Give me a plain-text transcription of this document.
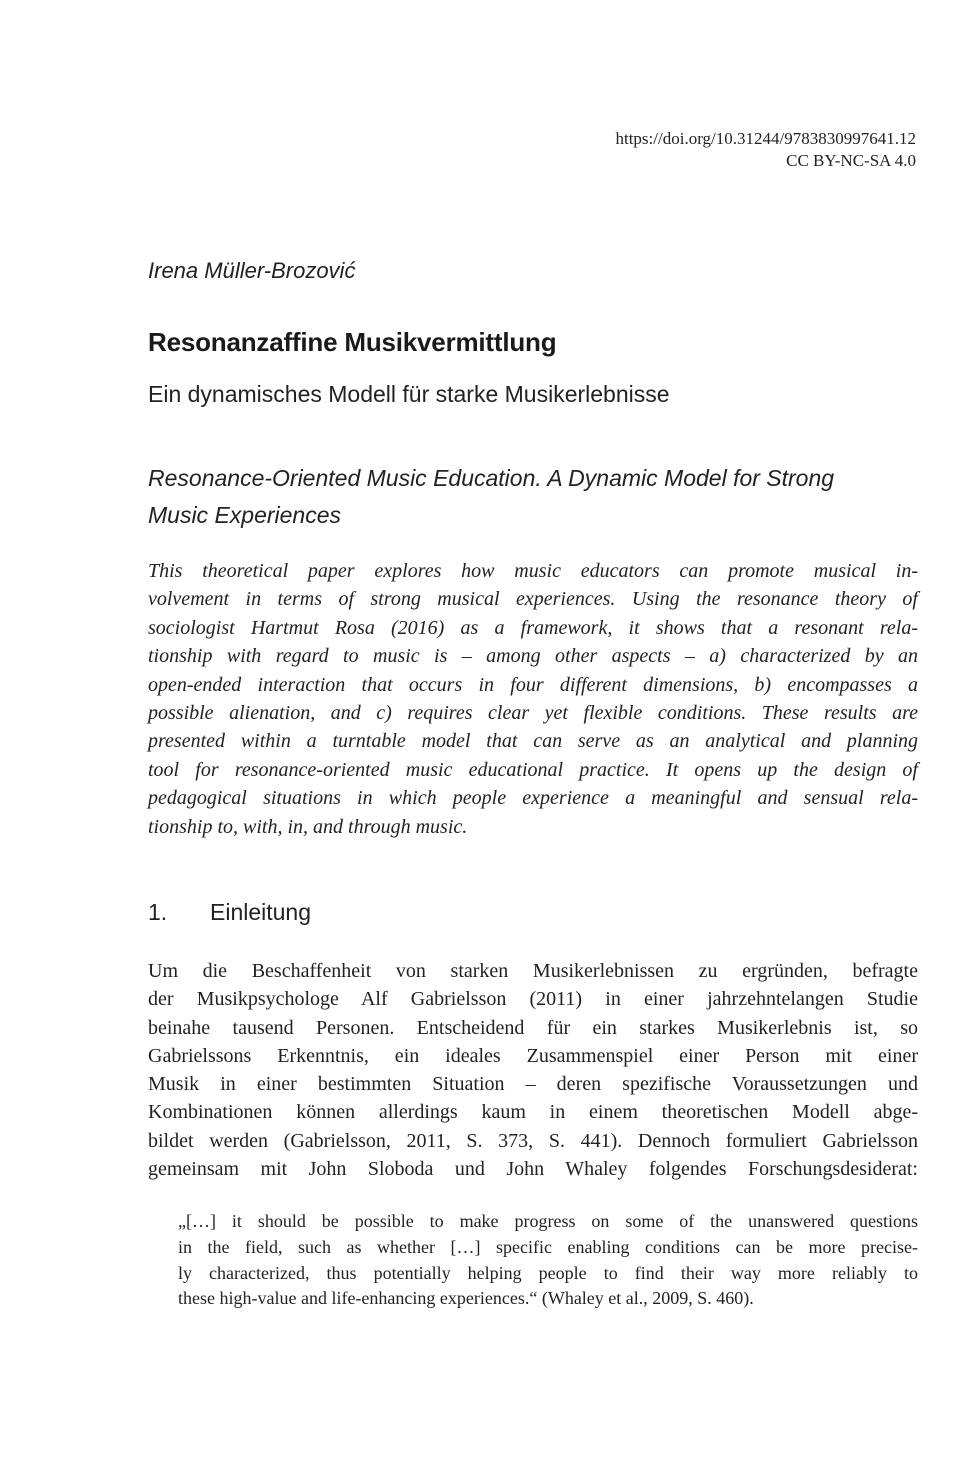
https://doi.org/10.31244/9783830997641.12
CC BY-NC-SA 4.0
Irena Müller-Brozović
Resonanzaffine Musikvermittlung
Ein dynamisches Modell für starke Musikerlebnisse
Resonance-Oriented Music Education. A Dynamic Model for Strong
Music Experiences
This theoretical paper explores how music educators can promote musical in-
volvement in terms of strong musical experiences. Using the resonance theory of
sociologist Hartmut Rosa (2016) as a framework, it shows that a resonant rela-
tionship with regard to music is – among other aspects – a) characterized by an
open-ended interaction that occurs in four different dimensions, b) encompasses a
possible alienation, and c) requires clear yet flexible conditions. These results are
presented within a turntable model that can serve as an analytical and planning
tool for resonance-oriented music educational practice. It opens up the design of
pedagogical situations in which people experience a meaningful and sensual rela-
tionship to, with, in, and through music.
1. Einleitung
Um die Beschaffenheit von starken Musikerlebnissen zu ergründen, befragte
der Musikpsychologe Alf Gabrielsson (2011) in einer jahrzehntelangen Studie
beinahe tausend Personen. Entscheidend für ein starkes Musikerlebnis ist, so
Gabrielssons Erkenntnis, ein ideales Zusammenspiel einer Person mit einer
Musik in einer bestimmten Situation – deren spezifische Voraussetzungen und
Kombinationen können allerdings kaum in einem theoretischen Modell abge-
bildet werden (Gabrielsson, 2011, S. 373, S. 441). Dennoch formuliert Gabrielsson
gemeinsam mit John Sloboda und John Whaley folgendes Forschungsdesiderat:
„[…] it should be possible to make progress on some of the unanswered questions
in the field, such as whether […] specific enabling conditions can be more precise-
ly characterized, thus potentially helping people to find their way more reliably to
these high-value and life-enhancing experiences.“ (Whaley et al., 2009, S. 460).
